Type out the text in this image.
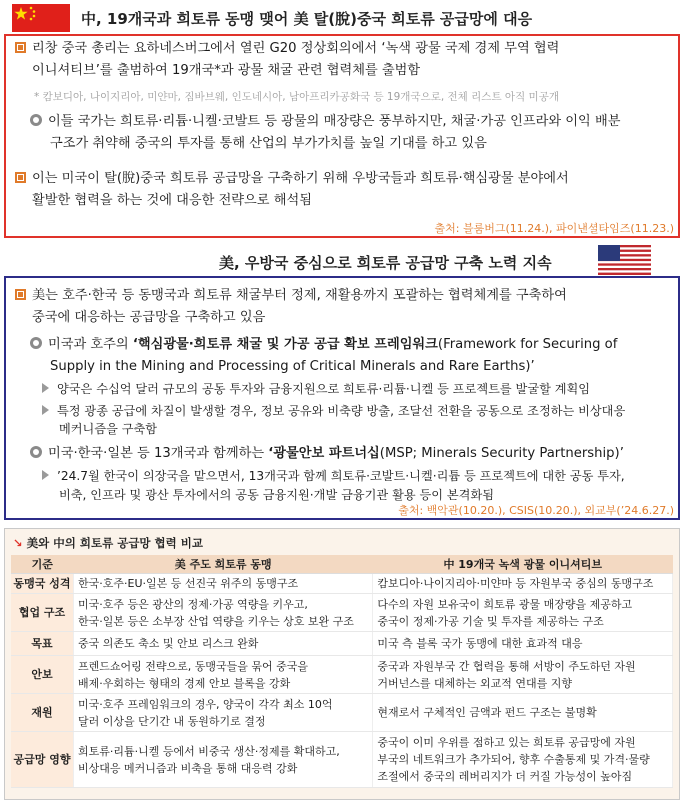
中, 19개국과 희토류 동맹 맺어 美 탈(脫)중국 희토류 공급망에 대응
리창 중국 총리는 요하네스버그에서 열린 G20 정상회의에서 ‘녹색 광물 국제 경제 무역 협력
이니셔티브’를 출범하여 19개국*과 광물 채굴 관련 협력체를 출범함
* 캄보디아, 나이지리아, 미얀마, 짐바브웨, 인도네시아, 남아프리카공화국 등 19개국으로, 전체 리스트 아직 미공개
이들 국가는 희토류·리튬·니켈·코발트 등 광물의 매장량은 풍부하지만, 채굴·가공 인프라와 이익 배분
구조가 취약해 중국의 투자를 통해 산업의 부가가치를 높일 기대를 하고 있음
이는 미국이 탈(脫)중국 희토류 공급망을 구축하기 위해 우방국들과 희토류·핵심광물 분야에서
활발한 협력을 하는 것에 대응한 전략으로 해석됨
출처: 블룸버그(11.24.), 파이낸셜타임즈(11.23.)
美, 우방국 중심으로 희토류 공급망 구축 노력 지속
美는 호주·한국 등 동맹국과 희토류 채굴부터 정제, 재활용까지 포괄하는 협력체계를 구축하여
중국에 대응하는 공급망을 구축하고 있음
미국과 호주의 ‘핵심광물·희토류 채굴 및 가공 공급 확보 프레임워크(Framework for Securing of
Supply in the Mining and Processing of Critical Minerals and Rare Earths)’
양국은 수십억 달러 규모의 공동 투자와 금융지원으로 희토류·리튬·니켈 등 프로젝트를 발굴할 계획임
특정 광종 공급에 차질이 발생할 경우, 정보 공유와 비축량 방출, 조달선 전환을 공동으로 조정하는 비상대응
메커니즘을 구축함
미국·한국·일본 등 13개국과 함께하는 ‘광물안보 파트너십(MSP; Minerals Security Partnership)’
’24.7월 한국이 의장국을 맡으면서, 13개국과 함께 희토류·코발트·니켈·리튬 등 프로젝트에 대한 공동 투자,
비축, 인프라 및 광산 투자에서의 공동 금융지원·개발 금융기관 활용 등이 본격화됨
출처: 백악관(10.20.), CSIS(10.20.), 외교부(’24.6.27.)
↘ 美와 中의 희토류 공급망 협력 비교
기준	美 주도 희토류 동맹	中 19개국 녹색 광물 이니셔티브
동맹국 성격	한국·호주·EU·일본 등 선진국 위주의 동맹구조	캄보디아·나이지리아·미얀마 등 자원부국 중심의 동맹구조
협업 구조	미국·호주 등은 광산의 정제·가공 역량을 키우고,
한국·일본 등은 소부장 산업 역량을 키우는 상호 보완 구조	다수의 자원 보유국이 희토류 광물 매장량을 제공하고
중국이 정제·가공 기술 및 투자를 제공하는 구조
목표	중국 의존도 축소 및 안보 리스크 완화	미국 측 블록 국가 동맹에 대한 효과적 대응
안보	프렌드쇼어링 전략으로, 동맹국들을 묶어 중국을
배제·우회하는 형태의 경제 안보 블록을 강화	중국과 자원부국 간 협력을 통해 서방이 주도하던 자원
거버넌스를 대체하는 외교적 연대를 지향
재원	미국·호주 프레임워크의 경우, 양국이 각각 최소 10억
달러 이상을 단기간 내 동원하기로 결정	현재로서 구체적인 금액과 펀드 구조는 불명확
공급망 영향	희토류·리튬·니켈 등에서 비중국 생산·정제를 확대하고,
비상대응 메커니즘과 비축을 통해 대응력 강화	중국이 이미 우위를 점하고 있는 희토류 공급망에 자원
부국의 네트워크가 추가되어, 향후 수출통제 및 가격·물량
조절에서 중국의 레버리지가 더 커질 가능성이 높아짐
